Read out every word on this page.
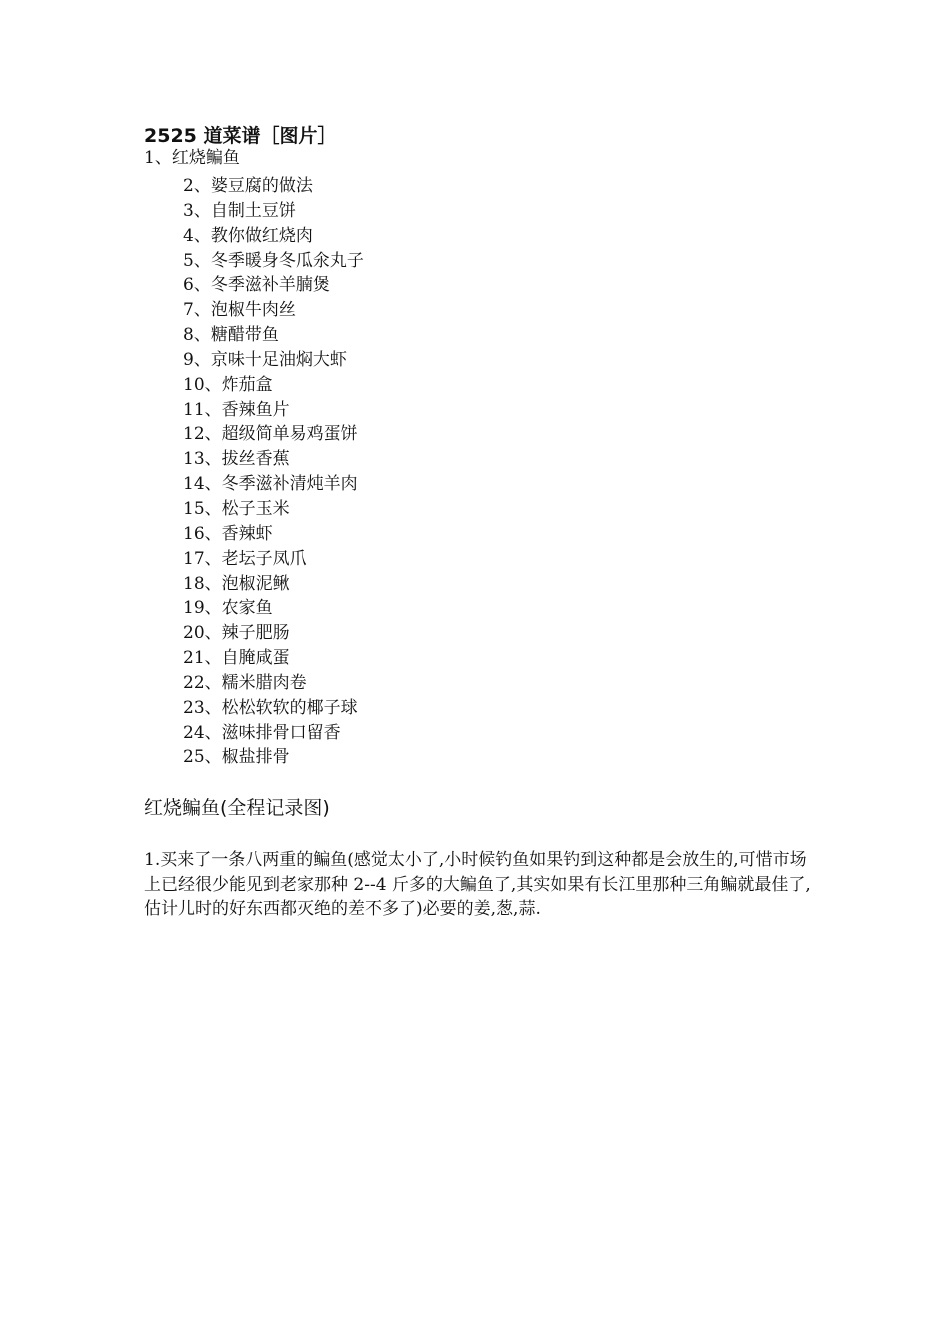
2525 道菜谱［图片］
1、红烧鳊鱼
2、婆豆腐的做法
3、自制土豆饼
4、教你做红烧肉
5、冬季暖身冬瓜氽丸子
6、冬季滋补羊腩煲
7、泡椒牛肉丝
8、糖醋带鱼
9、京味十足油焖大虾
10、炸茄盒
11、香辣鱼片
12、超级简单易鸡蛋饼
13、拔丝香蕉
14、冬季滋补清炖羊肉
15、松子玉米
16、香辣虾
17、老坛子凤爪
18、泡椒泥鳅
19、农家鱼
20、辣子肥肠
21、自腌咸蛋
22、糯米腊肉卷
23、松松软软的椰子球
24、滋味排骨口留香
25、椒盐排骨
红烧鳊鱼(全程记录图)

1.买来了一条八两重的鳊鱼(感觉太小了,小时候钓鱼如果钓到这种都是会放生的,可惜市场上已经很少能见到老家那种 2--4 斤多的大鳊鱼了,其实如果有长江里那种三角鳊就最佳了,估计儿时的好东西都灭绝的差不多了)必要的姜,葱,蒜.
